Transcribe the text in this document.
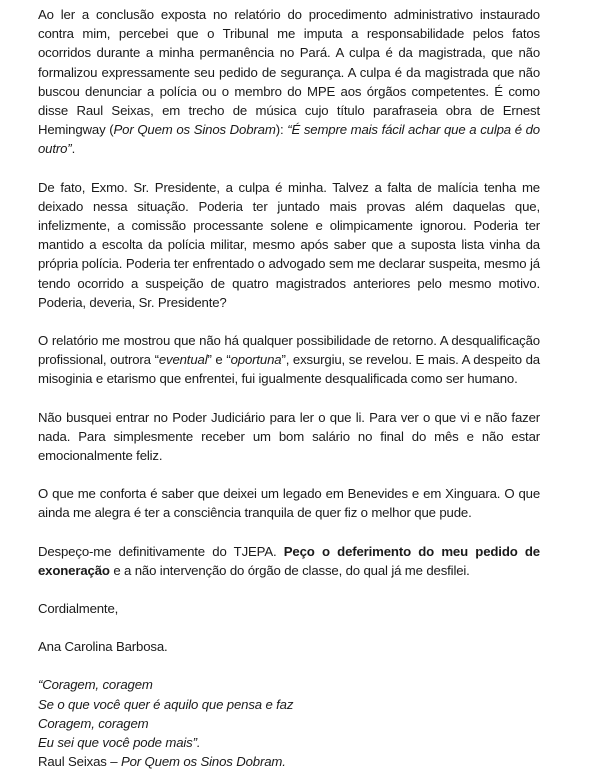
Ao ler a conclusão exposta no relatório do procedimento administrativo instaurado contra mim, percebei que o Tribunal me imputa a responsabilidade pelos fatos ocorridos durante a minha permanência no Pará. A culpa é da magistrada, que não formalizou expressamente seu pedido de segurança. A culpa é da magistrada que não buscou denunciar a polícia ou o membro do MPE aos órgãos competentes. É como disse Raul Seixas, em trecho de música cujo título parafraseia obra de Ernest Hemingway (Por Quem os Sinos Dobram): “É sempre mais fácil achar que a culpa é do outro”.

De fato, Exmo. Sr. Presidente, a culpa é minha. Talvez a falta de malícia tenha me deixado nessa situação. Poderia ter juntado mais provas além daquelas que, infelizmente, a comissão processante solene e olimpicamente ignorou. Poderia ter mantido a escolta da polícia militar, mesmo após saber que a suposta lista vinha da própria polícia. Poderia ter enfrentado o advogado sem me declarar suspeita, mesmo já tendo ocorrido a suspeição de quatro magistrados anteriores pelo mesmo motivo. Poderia, deveria, Sr. Presidente?

O relatório me mostrou que não há qualquer possibilidade de retorno. A desqualificação profissional, outrora “eventual” e “oportuna”, exsurgiu, se revelou. E mais. A despeito da misoginia e etarismo que enfrentei, fui igualmente desqualificada como ser humano.

Não busquei entrar no Poder Judiciário para ler o que li. Para ver o que vi e não fazer nada. Para simplesmente receber um bom salário no final do mês e não estar emocionalmente feliz.

O que me conforta é saber que deixei um legado em Benevides e em Xinguara. O que ainda me alegra é ter a consciência tranquila de quer fiz o melhor que pude.

Despeço-me definitivamente do TJEPA. Peço o deferimento do meu pedido de exoneração e a não intervenção do órgão de classe, do qual já me desfilei.

Cordialmente,

Ana Carolina Barbosa.

“Coragem, coragem
Se o que você quer é aquilo que pensa e faz
Coragem, coragem
Eu sei que você pode mais”.
Raul Seixas – Por Quem os Sinos Dobram.
